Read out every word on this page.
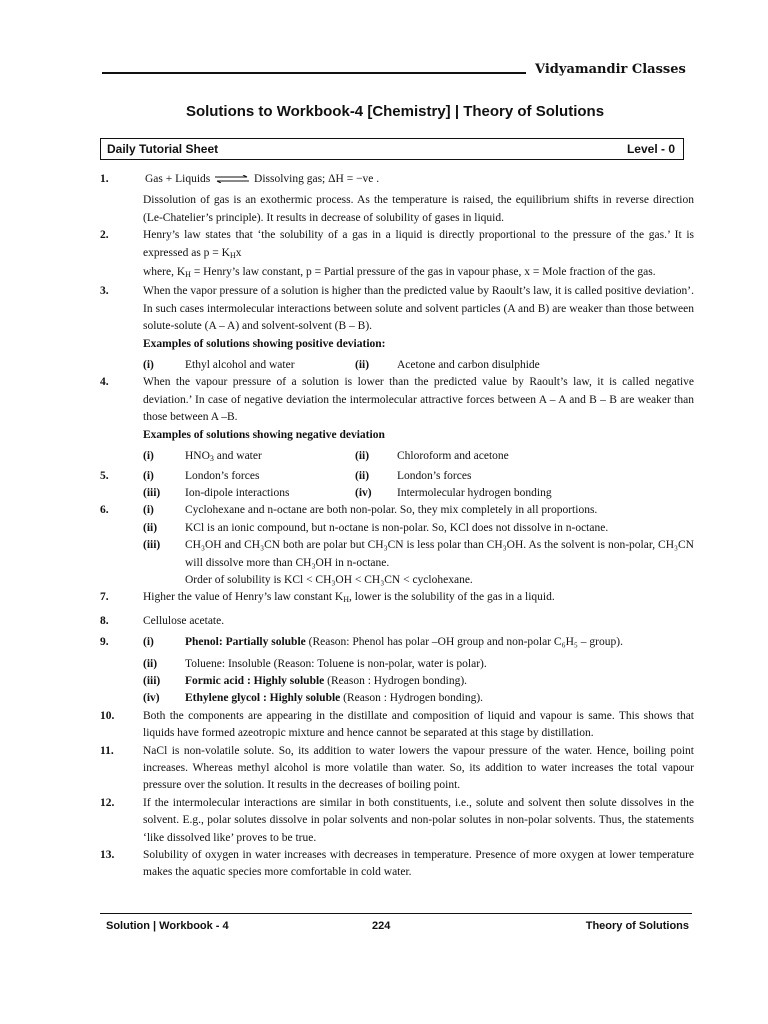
Vidyamandir Classes
Solutions to Workbook-4 [Chemistry] | Theory of Solutions
Daily Tutorial Sheet	Level - 0
1.	Gas + Liquids ⇌ Dissolving gas; ΔH = −ve .
Dissolution of gas is an exothermic process. As the temperature is raised, the equilibrium shifts in reverse direction (Le-Chatelier’s principle). It results in decrease of solubility of gases in liquid.
2.	Henry’s law states that ‘the solubility of a gas in a liquid is directly proportional to the pressure of the gas.’ It is expressed as $p = K_Hx$
where, $K_H$ = Henry’s law constant, p = Partial pressure of the gas in vapour phase, x = Mole fraction of the gas.
3.	When the vapor pressure of a solution is higher than the predicted value by Raoult’s law, it is called positive deviation’. In such cases intermolecular interactions between solute and solvent particles (A and B) are weaker than those between solute-solute (A – A) and solvent-solvent (B – B).
Examples of solutions showing positive deviation:
(i)	Ethyl alcohol and water	(ii) Acetone and carbon disulphide
4.	When the vapour pressure of a solution is lower than the predicted value by Raoult’s law, it is called negative deviation.’ In case of negative deviation the intermolecular attractive forces between A – A and B – B are weaker than those between A –B.
Examples of solutions showing negative deviation
(i)	$HNO_3$ and water	(ii) Chloroform and acetone
5.	(i)	London’s forces	(ii) London’s forces
(iii) Ion-dipole interactions	(iv) Intermolecular hydrogen bonding
6.	(i)	Cyclohexane and n-octane are both non-polar. So, they mix completely in all proportions.
(ii) KCl is an ionic compound, but n-octane is non-polar. So, KCl does not dissolve in n-octane.
(iii) CH₃OH and CH₃CN both are polar but CH₃CN is less polar than CH₃OH. As the solvent is non-polar, CH₃CN will dissolve more than CH₃OH in n-octane.
Order of solubility is KCl < CH₃OH < CH₃CN < cyclohexane.
7.	Higher the value of Henry’s law constant $K_H$, lower is the solubility of the gas in a liquid.
8.	Cellulose acetate.
9.	(i)	Phenol: Partially soluble (Reason: Phenol has polar –OH group and non-polar C₆H₅ – group).
(ii) Toluene: Insoluble (Reason: Toluene is non-polar, water is polar).
(iii) Formic acid : Highly soluble (Reason : Hydrogen bonding).
(iv) Ethylene glycol : Highly soluble (Reason : Hydrogen bonding).
10. Both the components are appearing in the distillate and composition of liquid and vapour is same. This shows that liquids have formed azeotropic mixture and hence cannot be separated at this stage by distillation.
11.	NaCl is non-volatile solute. So, its addition to water lowers the vapour pressure of the water. Hence, boiling point increases. Whereas methyl alcohol is more volatile than water. So, its addition to water increases the total vapour pressure over the solution. It results in the decreases of boiling point.
12. If the intermolecular interactions are similar in both constituents, i.e., solute and solvent then solute dissolves in the solvent. E.g., polar solutes dissolve in polar solvents and non-polar solutes in non-polar solvents. Thus, the statements ‘like dissolved like’ proves to be true.
13. Solubility of oxygen in water increases with decreases in temperature. Presence of more oxygen at lower temperature makes the aquatic species more comfortable in cold water.
Solution | Workbook - 4	224	Theory of Solutions
